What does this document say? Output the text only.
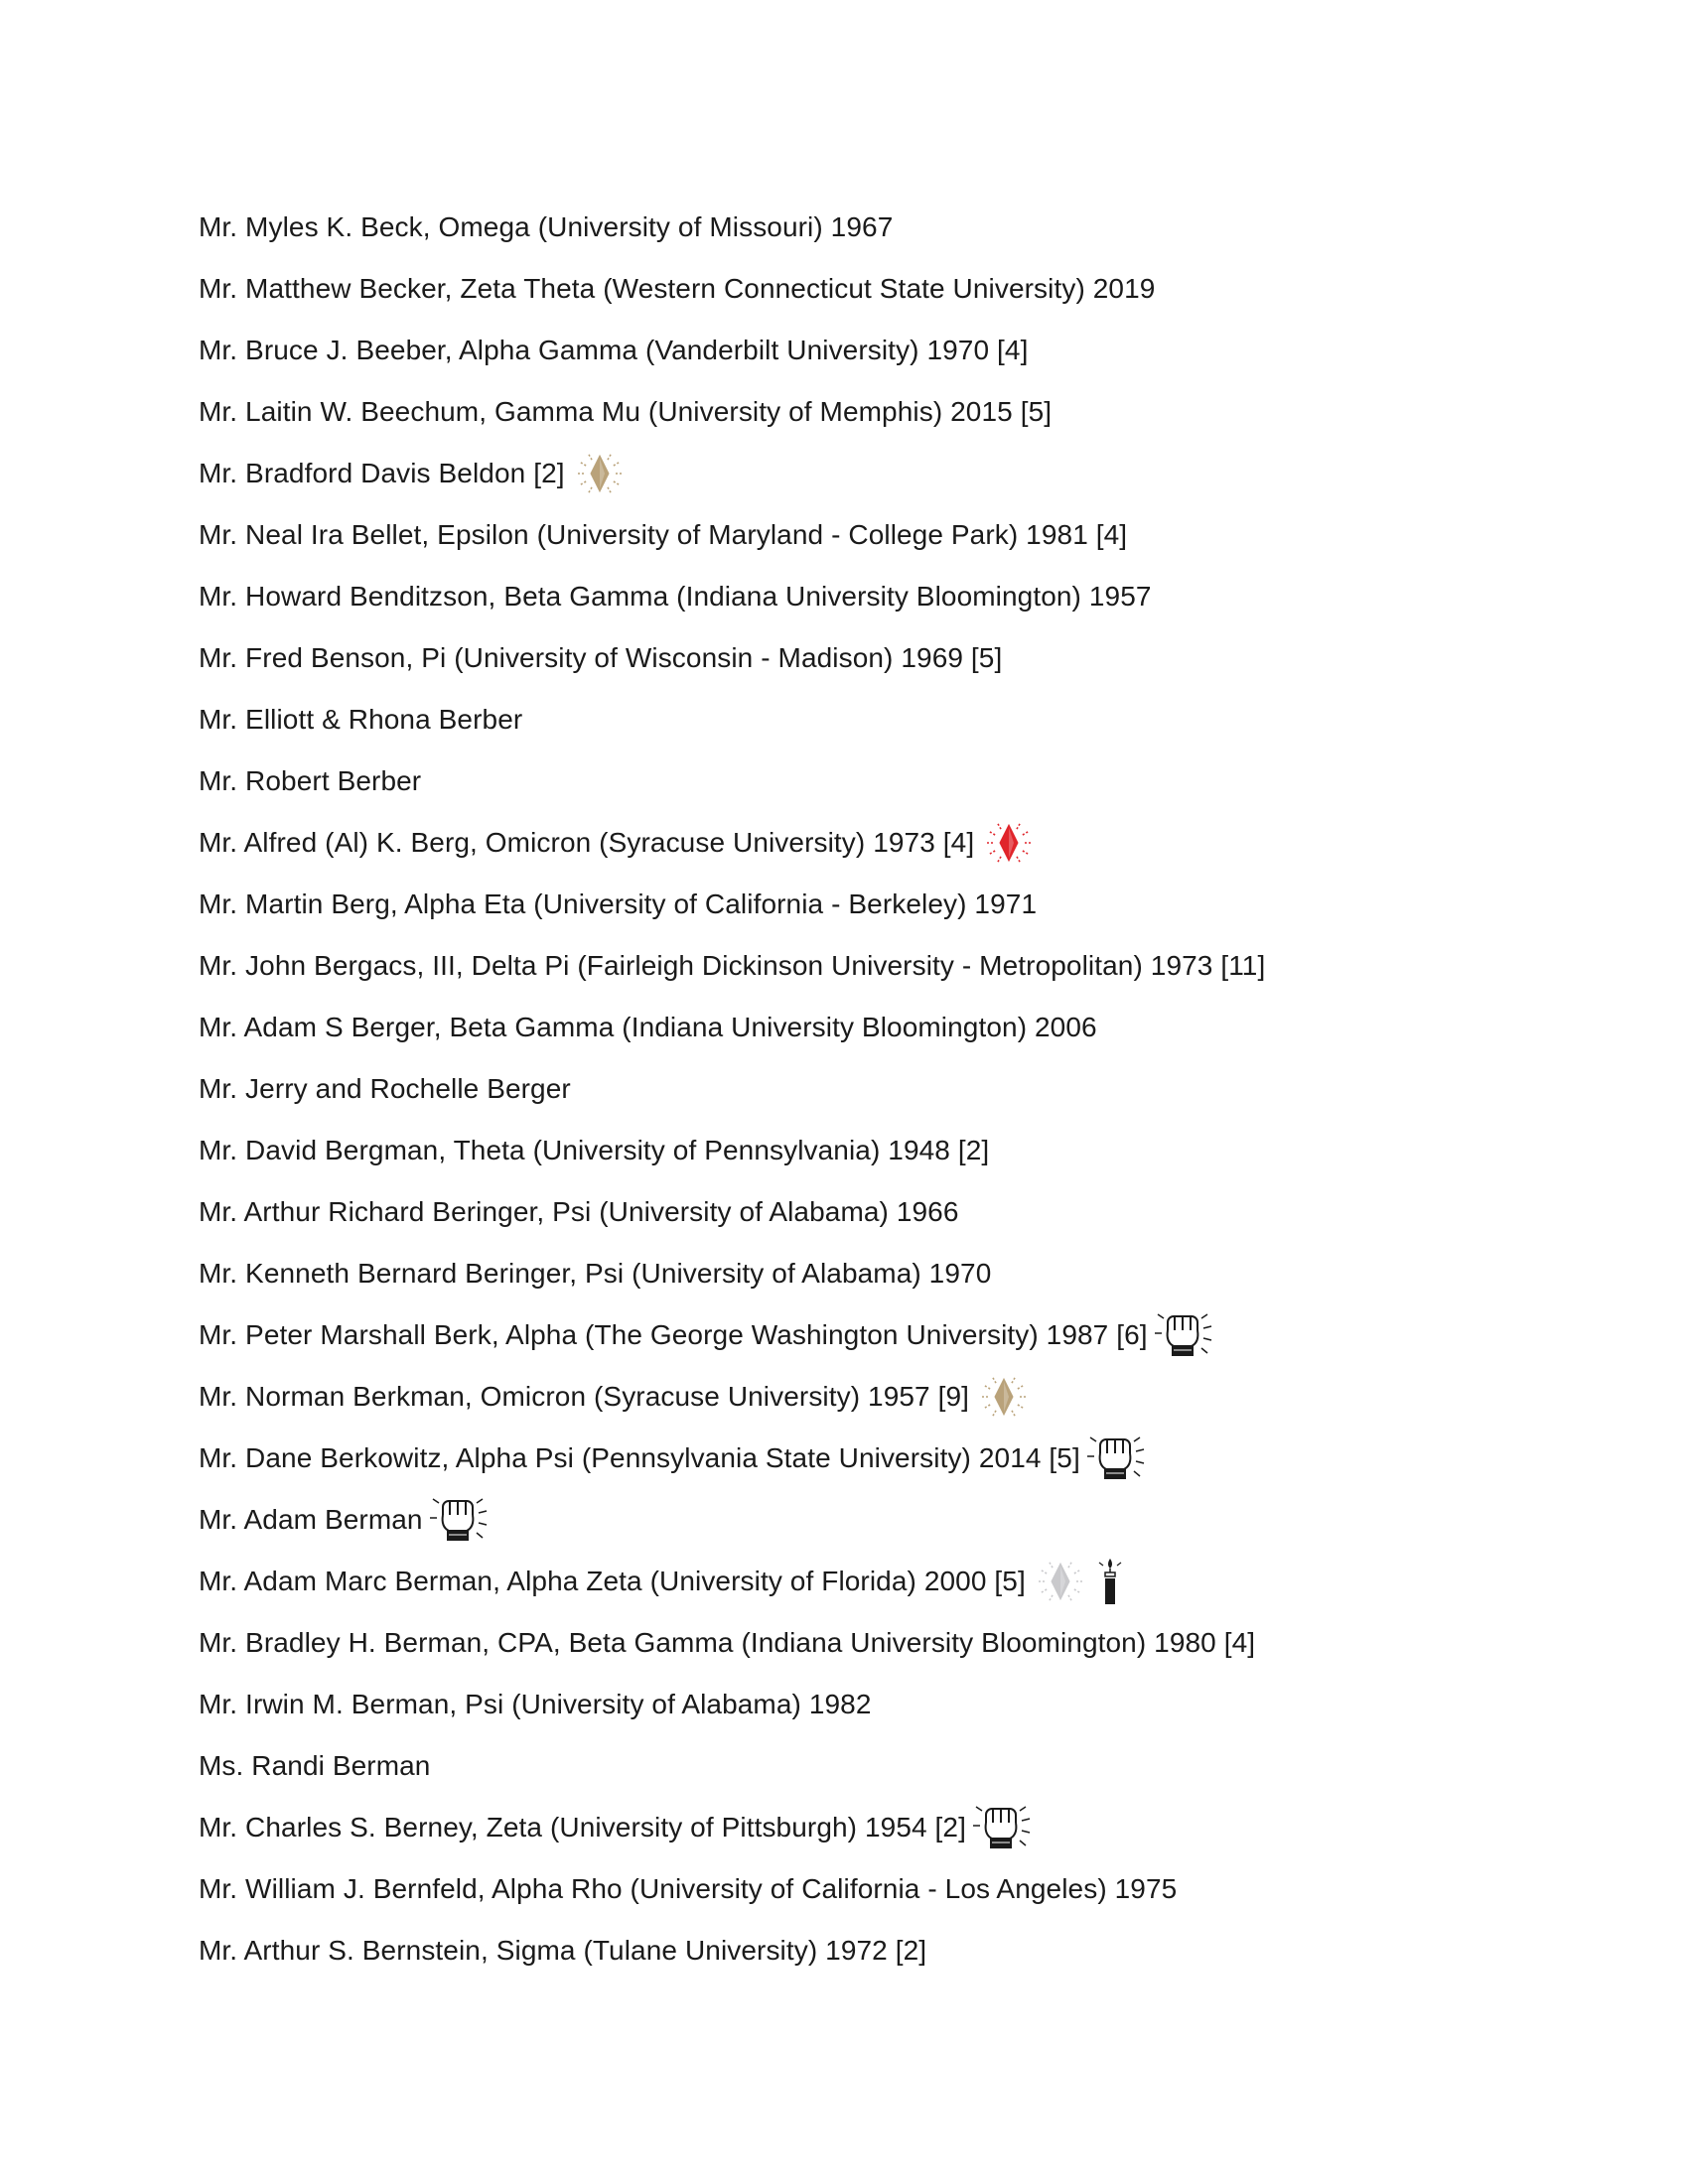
Mr. Myles K. Beck, Omega (University of Missouri) 1967
Mr. Matthew Becker, Zeta Theta (Western Connecticut State University) 2019
Mr. Bruce J. Beeber, Alpha Gamma (Vanderbilt University) 1970 [4]
Mr. Laitin W. Beechum, Gamma Mu (University of Memphis) 2015 [5]
Mr. Bradford Davis Beldon [2]
Mr. Neal Ira Bellet, Epsilon (University of Maryland - College Park) 1981 [4]
Mr. Howard Benditzson, Beta Gamma (Indiana University Bloomington) 1957
Mr. Fred Benson, Pi (University of Wisconsin - Madison) 1969 [5]
Mr. Elliott & Rhona Berber
Mr. Robert Berber
Mr. Alfred (Al) K. Berg, Omicron (Syracuse University) 1973 [4]
Mr. Martin Berg, Alpha Eta (University of California - Berkeley) 1971
Mr. John Bergacs, III, Delta Pi (Fairleigh Dickinson University - Metropolitan) 1973 [11]
Mr. Adam S Berger, Beta Gamma (Indiana University Bloomington) 2006
Mr. Jerry and Rochelle Berger
Mr. David Bergman, Theta (University of Pennsylvania) 1948 [2]
Mr. Arthur Richard Beringer, Psi (University of Alabama) 1966
Mr. Kenneth Bernard Beringer, Psi (University of Alabama) 1970
Mr. Peter Marshall Berk, Alpha (The George Washington University) 1987 [6]
Mr. Norman Berkman, Omicron (Syracuse University) 1957 [9]
Mr. Dane Berkowitz, Alpha Psi (Pennsylvania State University) 2014 [5]
Mr. Adam Berman
Mr. Adam Marc Berman, Alpha Zeta (University of Florida) 2000 [5]
Mr. Bradley H. Berman, CPA, Beta Gamma (Indiana University Bloomington) 1980 [4]
Mr. Irwin M. Berman, Psi (University of Alabama) 1982
Ms. Randi Berman
Mr. Charles S. Berney, Zeta (University of Pittsburgh) 1954 [2]
Mr. William J. Bernfeld, Alpha Rho (University of California - Los Angeles) 1975
Mr. Arthur S. Bernstein, Sigma (Tulane University) 1972 [2]
